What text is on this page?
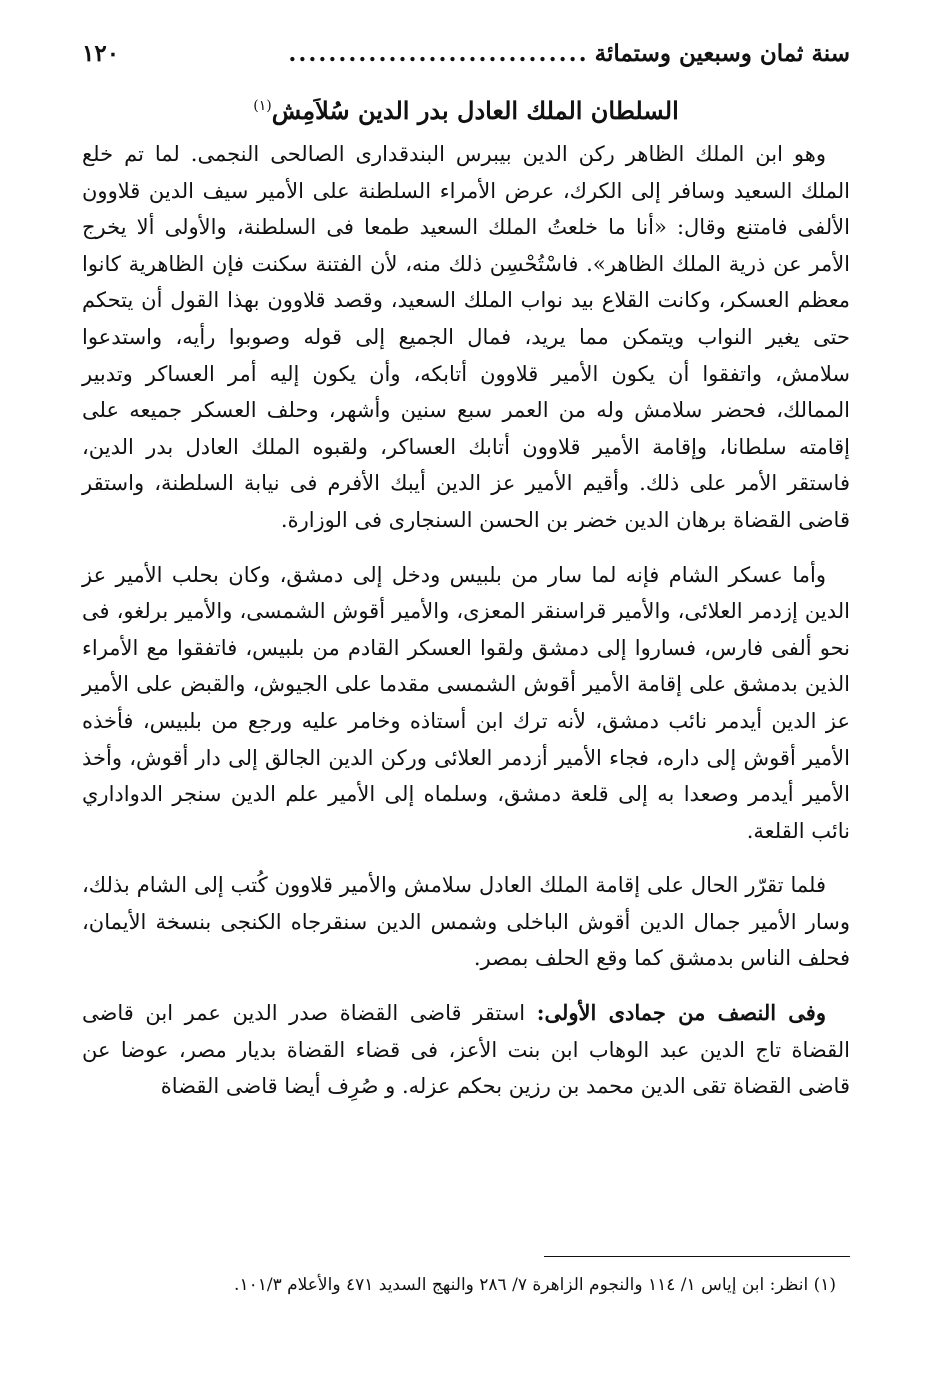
سنة ثمان وسبعين وستمائة
..............................
١٢٠
السلطان الملك العادل بدر الدين سُلاَمِش$^{(١)}$

وهو ابن الملك الظاهر ركن الدين بيبرس البندقدارى الصالحى النجمى. لما تم خلع الملك السعيد وسافر إلى الكرك، عرض الأمراء السلطنة على الأمير سيف الدين قلاوون الألفى فامتنع وقال: «أنا ما خلعتُ الملك السعيد طمعا فى السلطنة، والأولى ألا يخرج الأمر عن ذرية الملك الظاهر». فاسْتُحْسِن ذلك منه، لأن الفتنة سكنت فإن الظاهرية كانوا معظم العسكر، وكانت القلاع بيد نواب الملك السعيد، وقصد قلاوون بهذا القول أن يتحكم حتى يغير النواب ويتمكن مما يريد، فمال الجميع إلى قوله وصوبوا رأيه، واستدعوا سلامش، واتفقوا أن يكون الأمير قلاوون أتابكه، وأن يكون إليه أمر العساكر وتدبير الممالك، فحضر سلامش وله من العمر سبع سنين وأشهر، وحلف العسكر جميعه على إقامته سلطانا، وإقامة الأمير قلاوون أتابك العساكر، ولقبوه الملك العادل بدر الدين، فاستقر الأمر على ذلك. وأقيم الأمير عز الدين أيبك الأفرم فى نيابة السلطنة، واستقر قاضى القضاة برهان الدين خضر بن الحسن السنجارى فى الوزارة.

وأما عسكر الشام فإنه لما سار من بلبيس ودخل إلى دمشق، وكان بحلب الأمير عز الدين إزدمر العلائى، والأمير قراسنقر المعزى، والأمير أقوش الشمسى، والأمير برلغو، فى نحو ألفى فارس، فساروا إلى دمشق ولقوا العسكر القادم من بلبيس، فاتفقوا مع الأمراء الذين بدمشق على إقامة الأمير أقوش الشمسى مقدما على الجيوش، والقبض على الأمير عز الدين أيدمر نائب دمشق، لأنه ترك ابن أستاذه وخامر عليه ورجع من بلبيس، فأخذه الأمير أقوش إلى داره، فجاء الأمير أزدمر العلائى وركن الدين الجالق إلى دار أقوش، وأخذ الأمير أيدمر وصعدا به إلى قلعة دمشق، وسلماه إلى الأمير علم الدين سنجر الدواداري نائب القلعة.

فلما تقرّر الحال على إقامة الملك العادل سلامش والأمير قلاوون كُتب إلى الشام بذلك، وسار الأمير جمال الدين أقوش الباخلى وشمس الدين سنقرجاه الكنجى بنسخة الأيمان، فحلف الناس بدمشق كما وقع الحلف بمصر.

وفى النصف من جمادى الأولى: استقر قاضى القضاة صدر الدين عمر ابن قاضى القضاة تاج الدين عبد الوهاب ابن بنت الأعز، فى قضاء القضاة بديار مصر، عوضا عن قاضى القضاة تقى الدين محمد بن رزين بحكم عزله. و صُرِف أيضا قاضى القضاة

(١) انظر: ابن إياس ١/ ١١٤ والنجوم الزاهرة ٧/ ٢٨٦ والنهج السديد ٤٧١ والأعلام ١٠١/٣.
